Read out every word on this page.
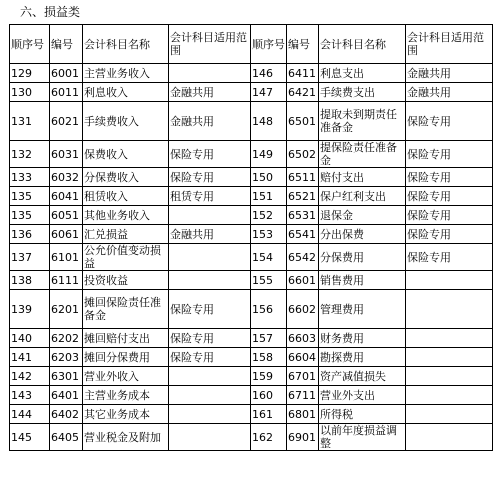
六、损益类
顺序号	编号	会计科目名称	会计科目适用范围	顺序号	编号	会计科目名称	会计科目适用范围
129	6001	主营业务收入		146	6411	利息支出	金融共用
130	6011	利息收入	金融共用	147	6421	手续费支出	金融共用
131	6021	手续费收入	金融共用	148	6501	提取未到期责任准备金	保险专用
132	6031	保费收入	保险专用	149	6502	提保险责任准备金	保险专用
133	6032	分保费收入	保险专用	150	6511	赔付支出	保险专用
135	6041	租赁收入	租赁专用	151	6521	保户红利支出	保险专用
135	6051	其他业务收入		152	6531	退保金	保险专用
136	6061	汇兑损益	金融共用	153	6541	分出保费	保险专用
137	6101	公允价值变动损益		154	6542	分保费用	保险专用
138	6111	投资收益		155	6601	销售费用	
139	6201	摊回保险责任准备金	保险专用	156	6602	管理费用	
140	6202	摊回赔付支出	保险专用	157	6603	财务费用	
141	6203	摊回分保费用	保险专用	158	6604	勘探费用	
142	6301	营业外收入		159	6701	资产减值损失	
143	6401	主营业务成本		160	6711	营业外支出	
144	6402	其它业务成本		161	6801	所得税	
145	6405	营业税金及附加		162	6901	以前年度损益调整	
